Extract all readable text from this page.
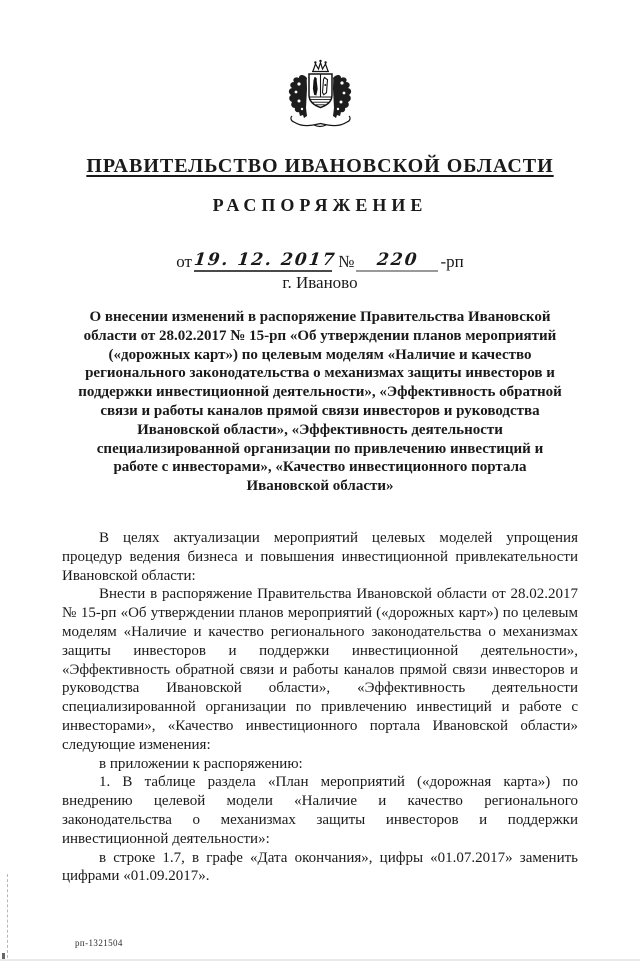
ПРАВИТЕЛЬСТВО ИВАНОВСКОЙ ОБЛАСТИ
РАСПОРЯЖЕНИЕ
от19. 12. 2017 № 220 -рп
г. Иваново
О внесении изменений в распоряжение Правительства Ивановской области от 28.02.2017 № 15-рп «Об утверждении планов мероприятий («дорожных карт») по целевым моделям «Наличие и качество регионального законодательства о механизмах защиты инвесторов и поддержки инвестиционной деятельности», «Эффективность обратной связи и работы каналов прямой связи инвесторов и руководства Ивановской области», «Эффективность деятельности специализированной организации по привлечению инвестиций и работе с инвесторами», «Качество инвестиционного портала Ивановской области»

В целях актуализации мероприятий целевых моделей упрощения процедур ведения бизнеса и повышения инвестиционной привлекательности Ивановской области:

Внести в распоряжение Правительства Ивановской области от 28.02.2017 № 15-рп «Об утверждении планов мероприятий («дорожных карт») по целевым моделям «Наличие и качество регионального законодательства о механизмах защиты инвесторов и поддержки инвестиционной деятельности», «Эффективность обратной связи и работы каналов прямой связи инвесторов и руководства Ивановской области», «Эффективность деятельности специализированной организации по привлечению инвестиций и работе с инвесторами», «Качество инвестиционного портала Ивановской области» следующие изменения:

в приложении к распоряжению:

1. В таблице раздела «План мероприятий («дорожная карта») по внедрению целевой модели «Наличие и качество регионального законодательства о механизмах защиты инвесторов и поддержки инвестиционной деятельности»:

в строке 1.7, в графе «Дата окончания», цифры «01.07.2017» заменить цифрами «01.09.2017».

рп-1321504
